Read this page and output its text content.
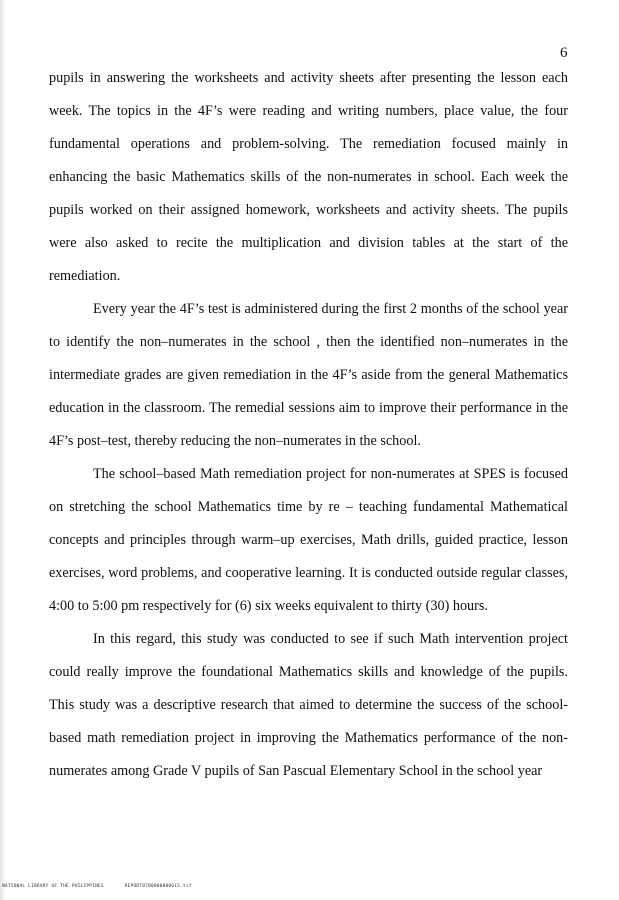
6

pupils in answering the worksheets and activity sheets after presenting the lesson each week. The topics in the 4F’s were reading and writing numbers, place value, the four fundamental operations and problem-solving. The remediation focused mainly in enhancing the basic Mathematics skills of the non-numerates in school. Each week the pupils worked on their assigned homework, worksheets and activity sheets. The pupils were also asked to recite the multiplication and division tables at the start of the remediation.

Every year the 4F’s test is administered during the first 2 months of the school year to identify the non–numerates in the school , then the identified non–numerates in the intermediate grades are given remediation in the 4F’s aside from the general Mathematics education in the classroom. The remedial sessions aim to improve their performance in the 4F’s post–test, thereby reducing the non–numerates in the school.

The school–based Math remediation project for non-numerates at SPES is focused on stretching the school Mathematics time by re – teaching fundamental Mathematical concepts and principles through warm–up exercises, Math drills, guided practice, lesson exercises, word problems, and cooperative learning. It is conducted outside regular classes, 4:00 to 5:00 pm respectively for (6) six weeks equivalent to thirty (30) hours.

In this regard, this study was conducted to see if such Math intervention project could really improve the foundational Mathematics skills and knowledge of the pupils. This study was a descriptive research that aimed to determine the success of the school-based math remediation project in improving the Mathematics performance of the non-numerates among Grade V pupils of San Pascual Elementary School in the school year

NATIONAL LIBRARY OF THE PHILIPPINES	REPORT0700000000015.tif
